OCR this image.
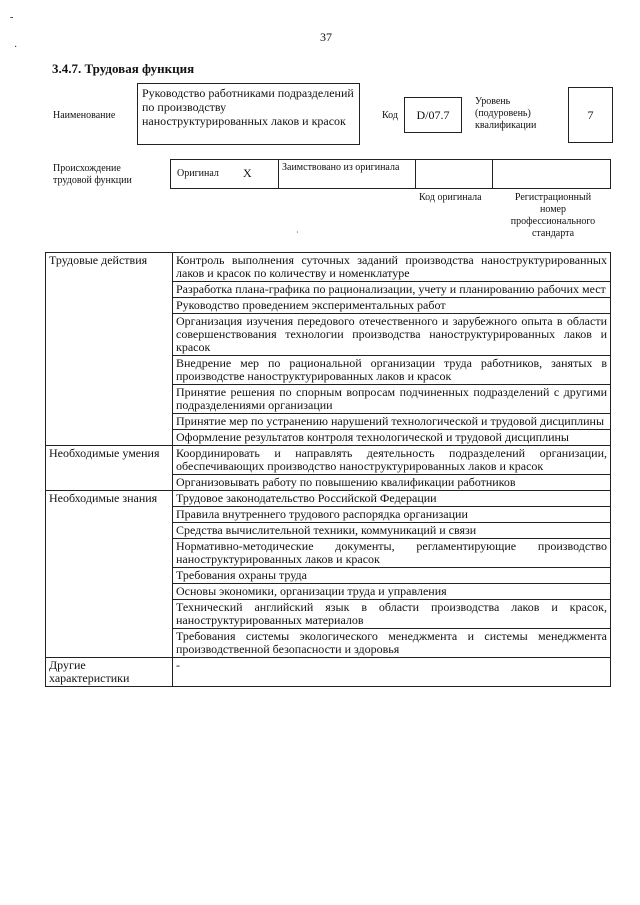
-
·
37
3.4.7. Трудовая функция
Наименование
Руководство работниками подразделений по производству наноструктурированных лаков и красок	Код	D/07.7
Уровень (подуровень) квалификации
7
Происхождение трудовой функции
Оригинал X	Заимствовано из оригинала
Код оригинала	Регистрационный номер профессионального стандарта
·
Трудовые действия	Контроль выполнения суточных заданий производства наноструктурированных лаков и красок по количеству и номенклатуре
	Разработка плана-графика по рационализации, учету и планированию рабочих мест
	Руководство проведением экспериментальных работ
	Организация изучения передового отечественного и зарубежного опыта в области совершенствования технологии производства наноструктурированных лаков и красок
	Внедрение мер по рациональной организации труда работников, занятых в производстве наноструктурированных лаков и красок
	Принятие решения по спорным вопросам подчиненных подразделений с другими подразделениями организации
	Принятие мер по устранению нарушений технологической и трудовой дисциплины
	Оформление результатов контроля технологической и трудовой дисциплины
Необходимые умения	Координировать и направлять деятельность подразделений организации, обеспечивающих производство наноструктурированных лаков и красок
	Организовывать работу по повышению квалификации работников
Необходимые знания	Трудовое законодательство Российской Федерации
	Правила внутреннего трудового распорядка организации
	Средства вычислительной техники, коммуникаций и связи
	Нормативно-методические документы, регламентирующие производство наноструктурированных лаков и красок
	Требования охраны труда
	Основы экономики, организации труда и управления
	Технический английский язык в области производства лаков и красок, наноструктурированных материалов
	Требования системы экологического менеджмента и системы менеджмента производственной безопасности и здоровья
Другие характеристики	-
